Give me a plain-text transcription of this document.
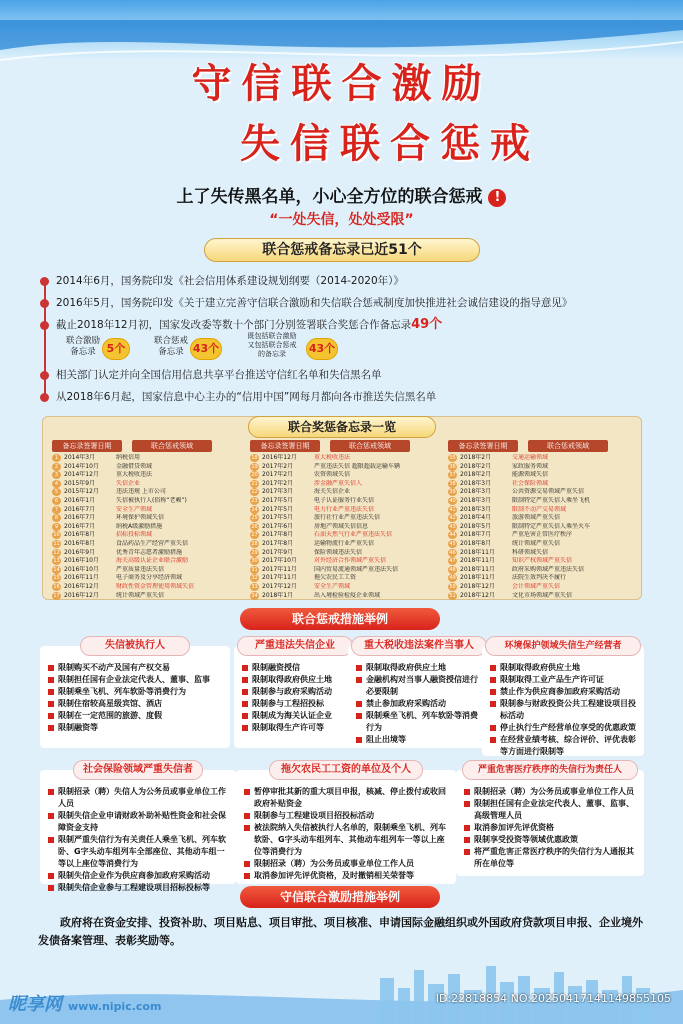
守信联合激励
失信联合惩戒
上了失传黑名单，小心全方位的联合惩戒 !
“一处失信，处处受限”
联合惩戒备忘录已近51个
2014年6月，国务院印发《社会信用体系建设规划纲要（2014-2020年）》
2016年5月，国务院印发《关于建立完善守信联合激励和失信联合惩戒制度加快推进社会诚信建设的指导意见》
截止2018年12月初，国家发改委等数十个部门分别签署联合奖惩合作备忘录49个
联合激励
备忘录 5个
联合惩戒
备忘录 43个
既包括联合激励
又包括联合惩戒
的备忘录	43个
相关部门认定并向全国信用信息共享平台推送守信红名单和失信黑名单
从2018年6月起，国家信息中心主办的“信用中国”网每月都向各市推送失信黑名单
联合奖惩备忘录一览
备忘录签署日期	联合惩戒领域
1 2014年3月	纳税信用
2 2014年10月	金融借贷领域
3 2014年12月	重大税收违法
4 2015年9月	失信企业
5 2015年12月	违法违规 上市公司
6 2016年1月	失信被执行人(俗称“老赖”)
7 2016年7月	安全生产领域
8 2016年7月	环境保护领域失信
9 2016年7月	纳税A级激励措施
10 2016年8月	招标投标领域
11 2016年8月	食品药品生产经营严重失信
12 2016年9月	优秀青年志愿者激励措施
13 2016年10月	海关高级认证企业联合激励
14 2016年10月	严重质量违法失信
15 2016年11月	电子商务及分享经济领域
16 2016年12月	财政性资金管理使用领域失信
17 2016年12月	统计领域严重失信
备忘录签署日期	联合惩戒领域
18 2016年12月	重大税收违法
19 2017年2月	严重违法失信 超限超载运输车辆
20 2017年2月	农资领域失信
21 2017年2月	涉金融严重失信人
22 2017年3月	海关失信企业
23 2017年5月	电子认证服务行业失信
24 2017年5月	电力行业严重违法失信
25 2017年5月	旅行社行业严重违法失信
26 2017年6月	房地产领域失信信息
27 2017年8月	石油天然气行业严重违法失信
28 2017年8月	运输物流行业严重失信
29 2017年9月	保险领域违法失信
30 2017年10月	对外经济合作领域严重失信
31 2017年11月	国内贸易流通领域严重违法失信
32 2017年11月	拖欠农民工工资
33 2017年12月	安全生产领域
34 2018年1月	出入境检验检疫企业领域
备忘录签署日期	联合惩戒领域
35 2018年2月	交通运输领域
36 2018年2月	家政服务领域
37 2018年2月	能源领域失信
38 2018年3月	社会保险领域
39 2018年3月	公共资源交易领域严重失信
40 2018年3月	限制特定严重失信人乘坐飞机
41 2018年3月	限制不动产交易领域
42 2018年4月	旅游领域严重失信
43 2018年5月	限制特定严重失信人乘坐火车
44 2018年7月	严重危害正常医疗秩序
45 2018年8月	统计领域严重失信
46 2018年11月	科研领域失信
47 2018年11月	知识产权领域严重失信
48 2018年11月	政府采购领域严重违法失信
49 2018年11月	法院生效判决不履行
50 2018年12月	会计领域严重失信
51 2018年12月	文化市场领域严重失信
联合惩戒措施举例
失信被执行人
限制购买不动产及国有产权交易
限制担任国有企业法定代表人、董事、监事
限制乘坐飞机、列车软卧等消费行为
限制住宿较高星级宾馆、酒店
限制在一定范围的旅游、度假
限制融资等
严重违法失信企业
限制融资授信
限制取得政府供应土地
限制参与政府采购活动
限制参与工程招投标
限制成为海关认证企业
限制取得生产许可等
重大税收违法案件当事人
限制取得政府供应土地
金融机构对当事人融资授信进行必要限制
禁止参加政府采购活动
限制乘坐飞机、列车软卧等消费行为
阻止出境等
环境保护领域失信生产经营者
限制取得政府供应土地
限制取得工业产品生产许可证
禁止作为供应商参加政府采购活动
限制参与财政投资公共工程建设项目投标活动
停止执行生产经营单位享受的优惠政策
在经营业绩考核、综合评价、评优表彰等方面进行限制等
社会保险领域严重失信者
限制招录（聘）失信人为公务员或事业单位工作人员
限制失信企业申请财政补助补贴性资金和社会保障资金支持
限制严重失信行为有关责任人乘坐飞机、列车软卧、G字头动车组列车全部座位、其他动车组一等以上座位等消费行为
限制失信企业作为供应商参加政府采购活动
限制失信企业参与工程建设项目招标投标等
拖欠农民工工资的单位及个人
暂停审批其新的重大项目申报，核减、停止拨付或收回政府补贴资金
限制参与工程建设项目招投标活动
被法院纳入失信被执行人名单的，限制乘坐飞机、列车软卧、G字头动车组列车、其他动车组列车一等以上座位等消费行为
限制招录（聘）为公务员或事业单位工作人员
取消参加评先评优资格，及时撤销相关荣誉等
严重危害医疗秩序的失信行为责任人
限制招录（聘）为公务员或事业单位工作人员
限制担任国有企业法定代表人、董事、监事、高级管理人员
取消参加评先评优资格
限制享受投资等领域优惠政策
将严重危害正常医疗秩序的失信行为人通报其所在单位等
守信联合激励措施举例
政府将在资金安排、投资补助、项目贴息、项目审批、项目核准、申请国际金融组织或外国政府贷款项目申报、企业境外发债备案管理、表彰奖励等。
昵享网 www.nipic.com
ID:22818854 NO:20250417141149855105
